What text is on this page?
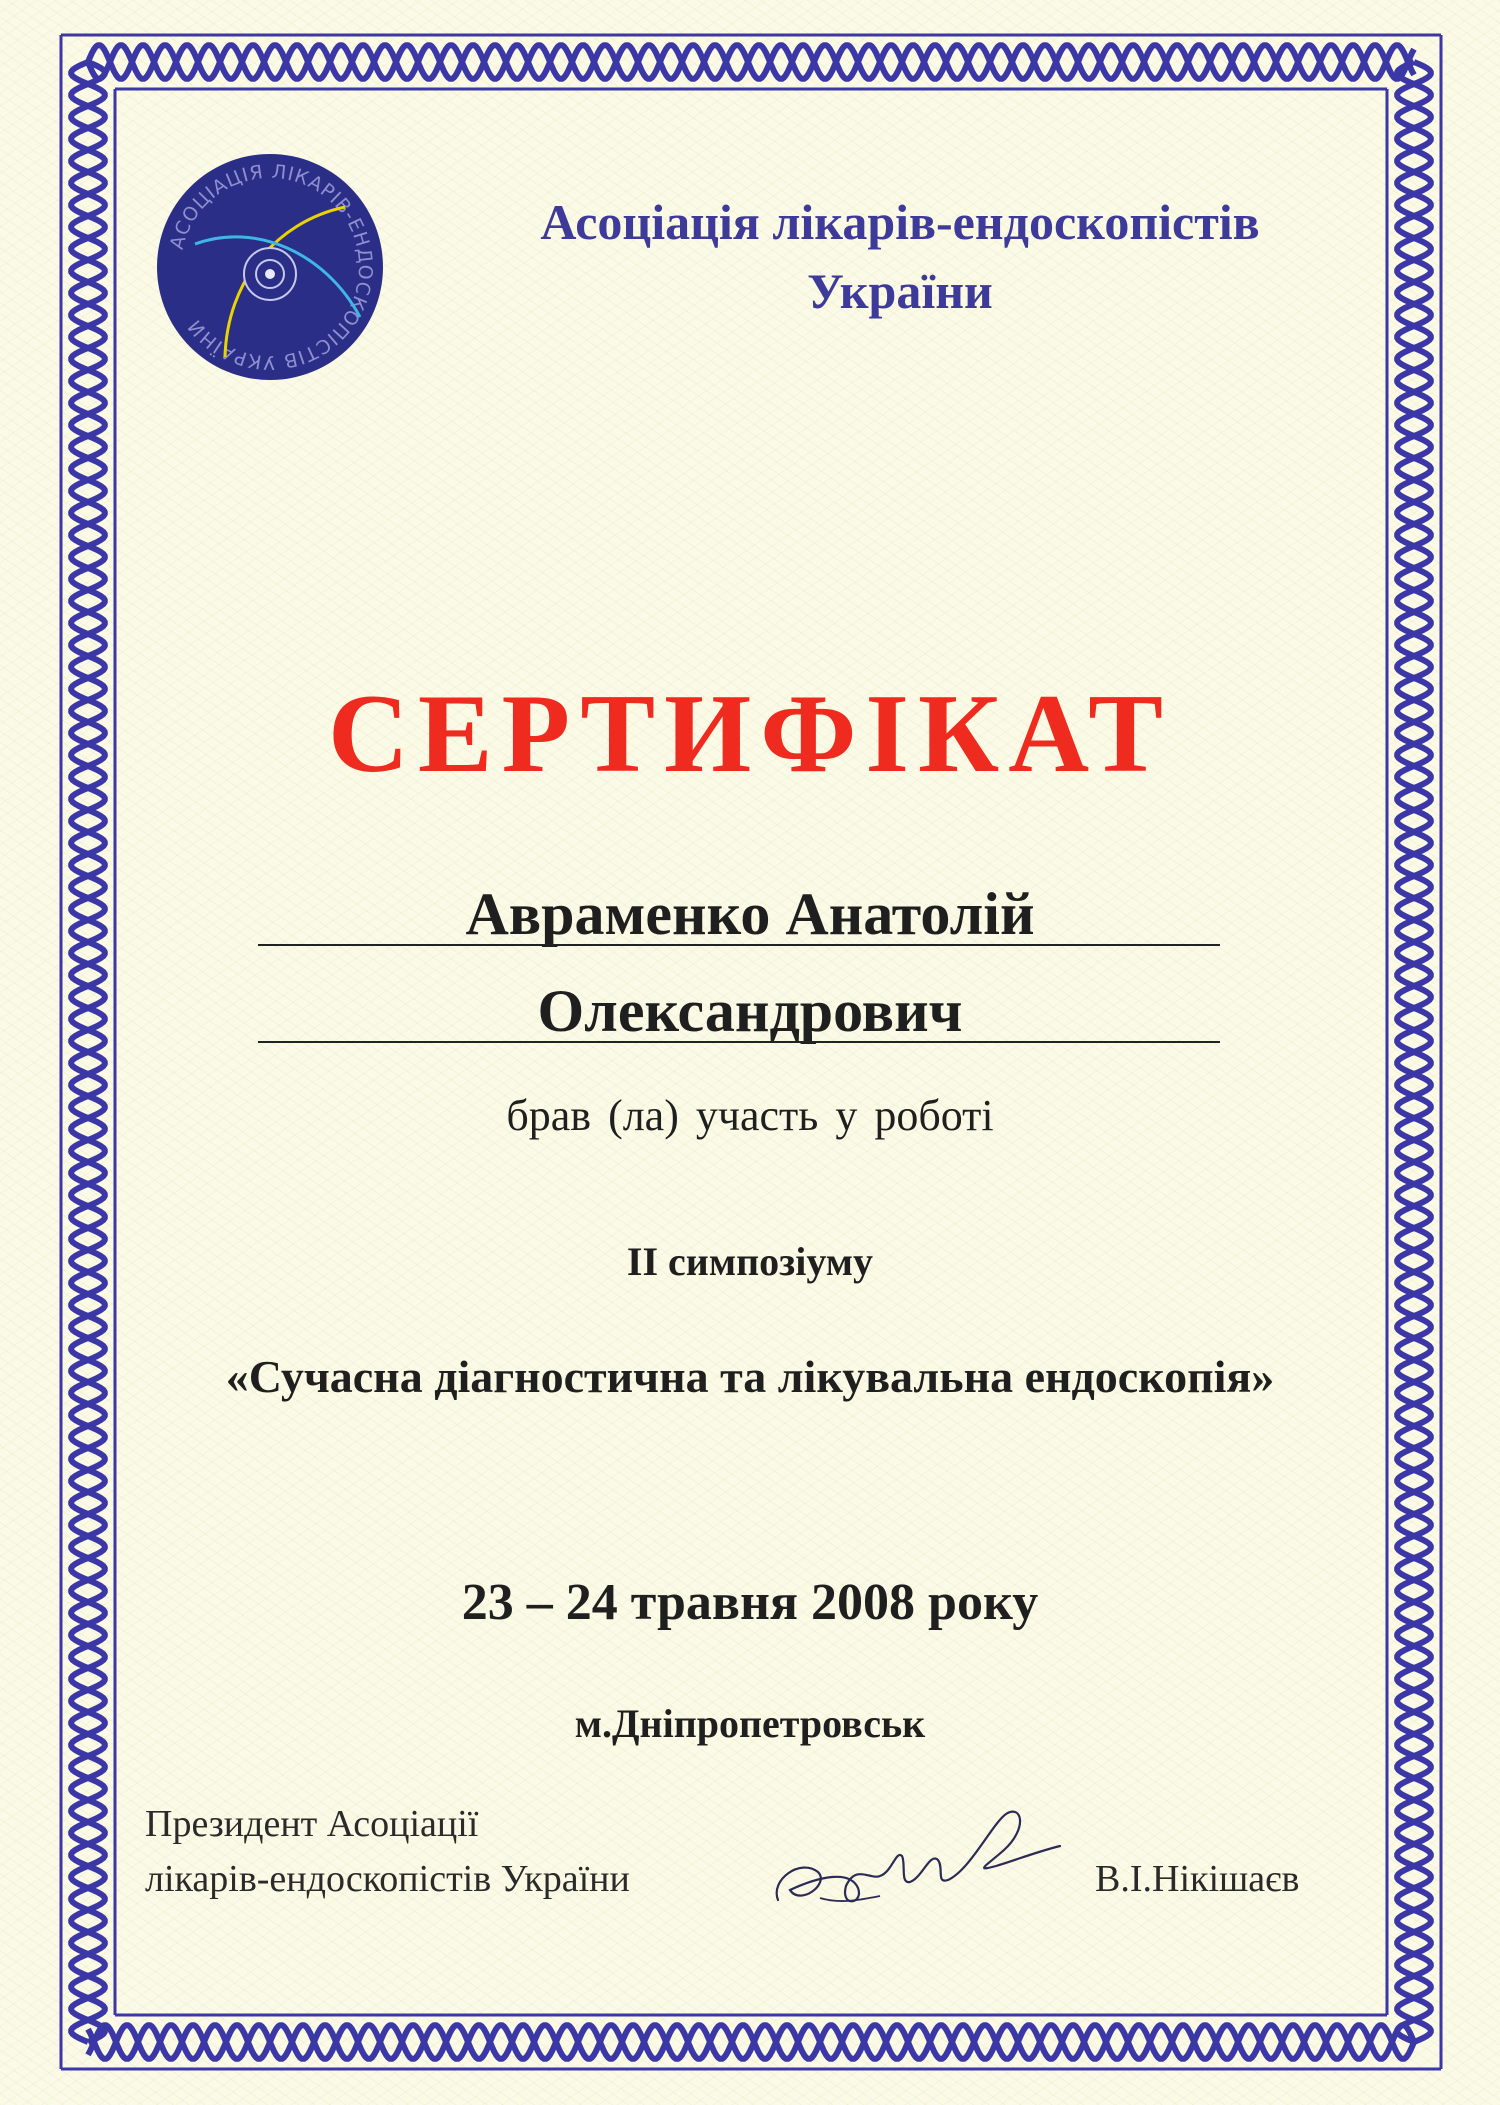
АСОЦІАЦІЯ ЛІКАРІВ-ЕНДОСКОПІСТІВ УКРАЇНИ
Асоціація лікарів-ендоскопістів
України
СЕРТИФІКАТ
Авраменко Анатолій
Олександрович
брав (ла) участь у роботі
ІІ симпозіуму
«Сучасна діагностична та лікувальна ендоскопія»
23 – 24 травня 2008 року
м.Дніпропетровськ
Президент Асоціації
лікарів-ендоскопістів України	В.І.Нікішаєв
